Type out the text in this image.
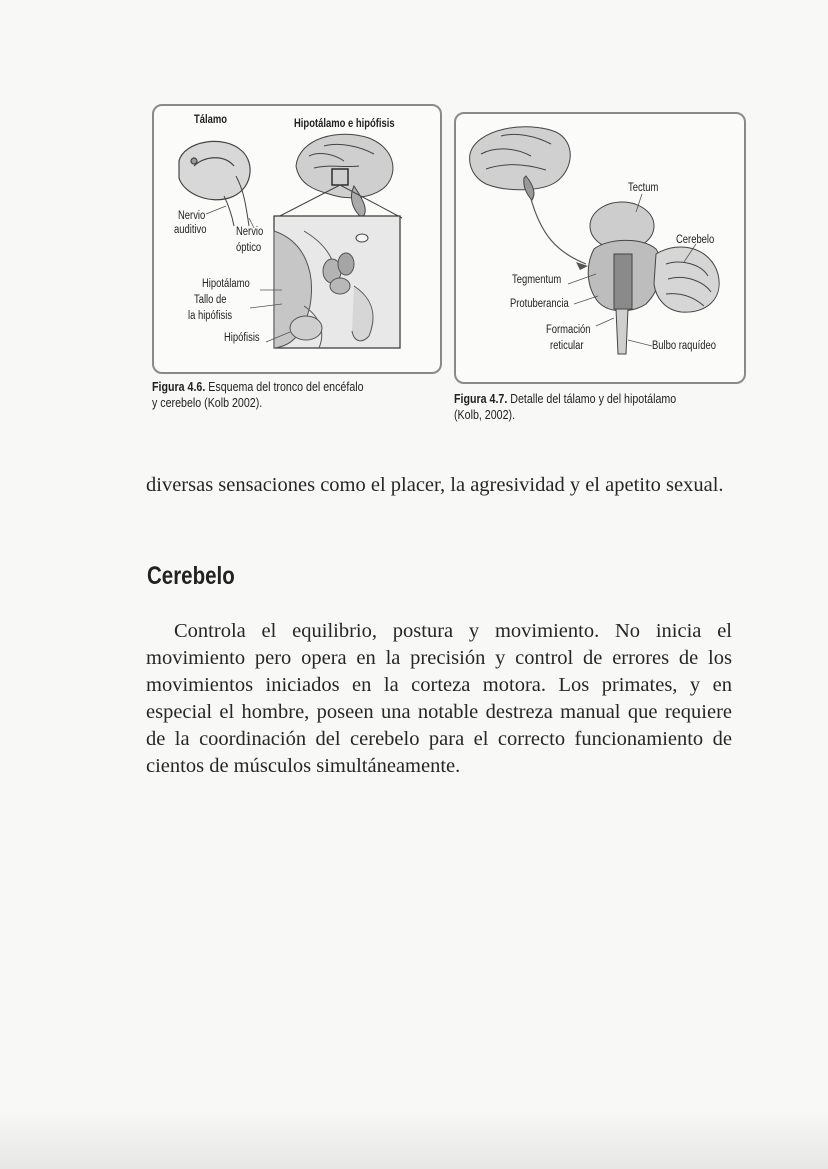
Tálamo	Hipotálamo e hipófisis
Nervio
auditivo	Nervio
óptico
Hipotálamo
Tallo de
la hipófisis
Hipófisis
Tectum
Cerebelo
Tegmentum
Protuberancia
Formación
reticular	Bulbo raquídeo
Figura 4.6. Esquema del tronco del encéfalo
y cerebelo (Kolb 2002).	Figura 4.7. Detalle del tálamo y del hipotálamo
(Kolb, 2002).

diversas sensaciones como el placer, la agresividad y el apetito sexual.

Cerebelo

Controla el equilibrio, postura y movimiento. No inicia el movimiento pero opera en la precisión y control de errores de los movimientos iniciados en la corteza motora. Los primates, y en especial el hombre, poseen una notable destreza manual que requiere de la coordinación del cerebelo para el correcto funcionamiento de cientos de músculos simultáneamente.
